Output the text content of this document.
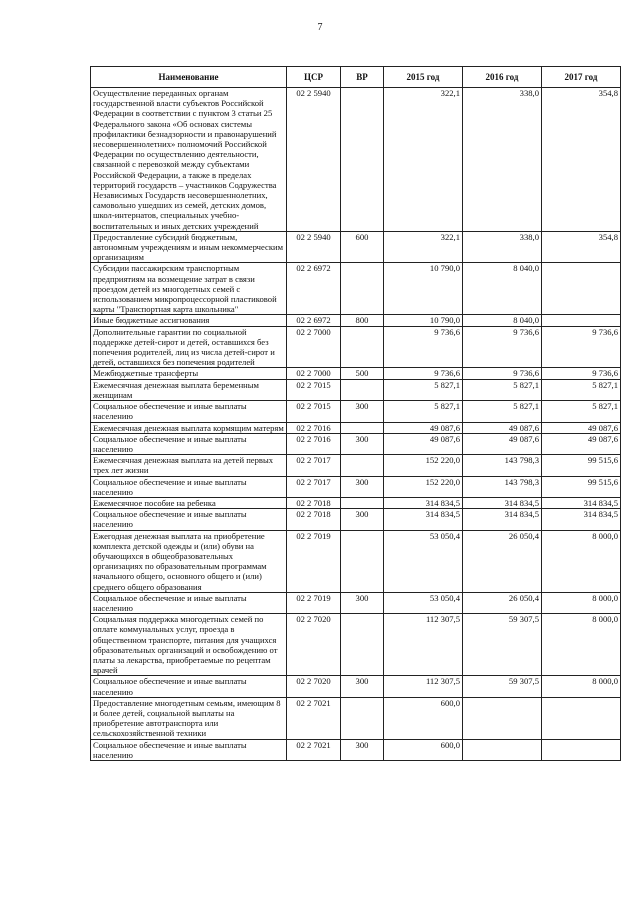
7
Наименование	ЦСР	ВР	2015 год	2016 год	2017 год
Осуществление переданных органам государственной власти субъектов Российской Федерации в соответствии с пунктом 3 статьи 25 Федерального закона «Об основах системы профилактики безнадзорности и правонарушений несовершеннолетних» полномочий Российской Федерации по осуществлению деятельности, связанной с перевозкой между субъектами Российской Федерации, а также в пределах территорий государств – участников Содружества Независимых Государств несовершеннолетних, самовольно ушедших из семей, детских домов, школ-интернатов, специальных учебно-воспитательных и иных детских учреждений	02 2 5940		322,1	338,0	354,8
Предоставление субсидий бюджетным, автономным учреждениям и иным некоммерческим организациям	02 2 5940	600	322,1	338,0	354,8
Субсидии пассажирским транспортным предприятиям на возмещение затрат в связи проездом детей из многодетных семей с использованием микропроцессорной пластиковой карты "Транспортная карта школьника"	02 2 6972		10 790,0	8 040,0	
Иные бюджетные ассигнования	02 2 6972	800	10 790,0	8 040,0	
Дополнительные гарантии по социальной поддержке детей-сирот и детей, оставшихся без попечения родителей, лиц из числа детей-сирот и детей, оставшихся без попечения родителей	02 2 7000		9 736,6	9 736,6	9 736,6
Межбюджетные трансферты	02 2 7000	500	9 736,6	9 736,6	9 736,6
Ежемесячная денежная выплата беременным женщинам	02 2 7015		5 827,1	5 827,1	5 827,1
Социальное обеспечение и иные выплаты населению	02 2 7015	300	5 827,1	5 827,1	5 827,1
Ежемесячная денежная выплата кормящим матерям	02 2 7016		49 087,6	49 087,6	49 087,6
Социальное обеспечение и иные выплаты населению	02 2 7016	300	49 087,6	49 087,6	49 087,6
Ежемесячная денежная выплата на детей первых трех лет жизни	02 2 7017		152 220,0	143 798,3	99 515,6
Социальное обеспечение и иные выплаты населению	02 2 7017	300	152 220,0	143 798,3	99 515,6
Ежемесячное пособие на ребенка	02 2 7018		314 834,5	314 834,5	314 834,5
Социальное обеспечение и иные выплаты населению	02 2 7018	300	314 834,5	314 834,5	314 834,5
Ежегодная денежная выплата на приобретение комплекта детской одежды и (или) обуви на обучающихся в общеобразовательных организациях по образовательным программам начального общего, основного общего и (или) среднего общего образования	02 2 7019		53 050,4	26 050,4	8 000,0
Социальное обеспечение и иные выплаты населению	02 2 7019	300	53 050,4	26 050,4	8 000,0
Социальная поддержка многодетных семей по оплате коммунальных услуг, проезда в общественном транспорте, питания для учащихся образовательных организаций и освобождению от платы за лекарства, приобретаемые по рецептам врачей	02 2 7020		112 307,5	59 307,5	8 000,0
Социальное обеспечение и иные выплаты населению	02 2 7020	300	112 307,5	59 307,5	8 000,0
Предоставление многодетным семьям, имеющим 8 и более детей, социальной выплаты на приобретение автотранспорта или сельскохозяйственной техники	02 2 7021		600,0		
Социальное обеспечение и иные выплаты населению	02 2 7021	300	600,0		
